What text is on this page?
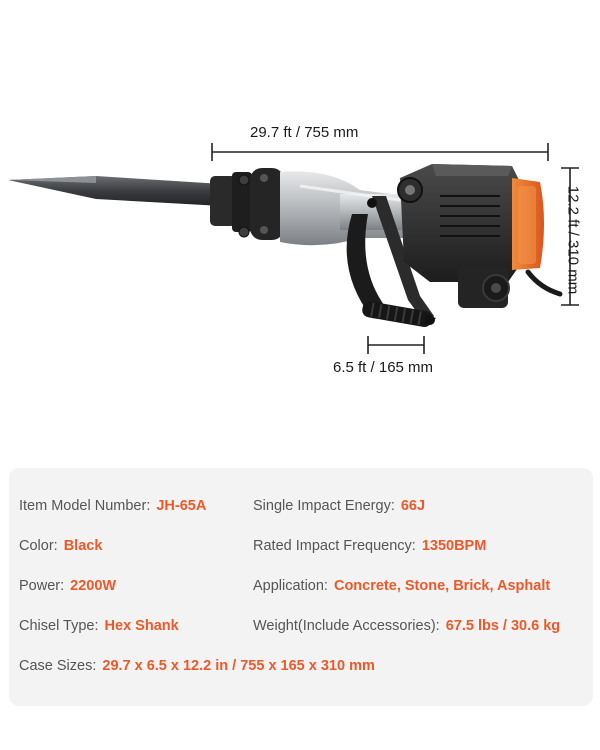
29.7 ft / 755 mm
6.5 ft / 165 mm
12.2 ft / 310 mm
Item Model Number: JH-65A	Single Impact Energy: 66J
Color: Black	Rated Impact Frequency: 1350BPM
Power: 2200W	Application: Concrete, Stone, Brick, Asphalt
Chisel Type: Hex Shank	Weight(Include Accessories): 67.5 lbs / 30.6 kg
Case Sizes: 29.7 x 6.5 x 12.2 in / 755 x 165 x 310 mm
